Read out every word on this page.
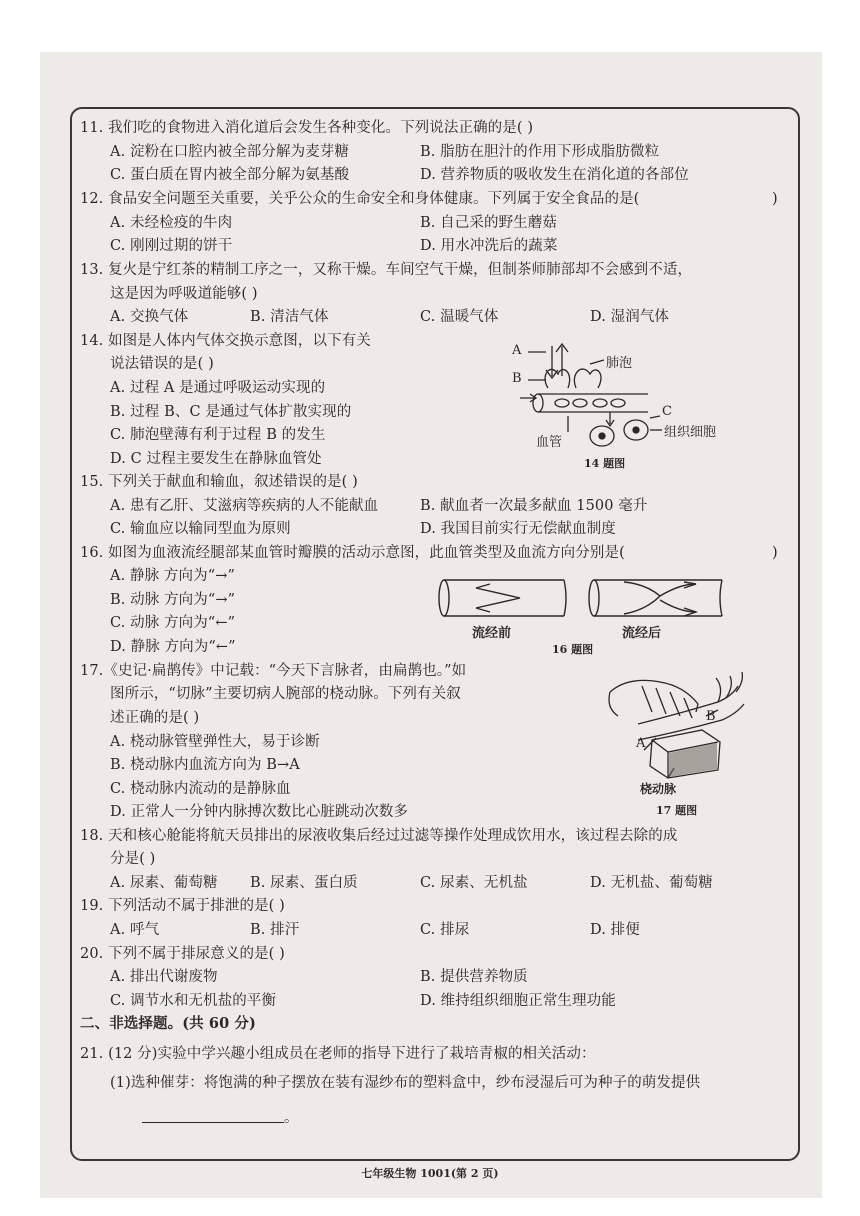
11. 我们吃的食物进入消化道后会发生各种变化。下列说法正确的是( )
A. 淀粉在口腔内被全部分解为麦芽糖	B. 脂肪在胆汁的作用下形成脂肪微粒
C. 蛋白质在胃内被全部分解为氨基酸	D. 营养物质的吸收发生在消化道的各部位
12. 食品安全问题至关重要，关乎公众的生命安全和身体健康。下列属于安全食品的是(	)
A. 未经检疫的牛肉	B. 自己采的野生蘑菇
C. 刚刚过期的饼干	D. 用水冲洗后的蔬菜
13. 复火是宁红茶的精制工序之一，又称干燥。车间空气干燥，但制茶师肺部却不会感到不适，
这是因为呼吸道能够( )
A. 交换气体	B. 清洁气体	C. 温暖气体	D. 湿润气体
14. 如图是人体内气体交换示意图，以下有关
说法错误的是( )
A. 过程 A 是通过呼吸运动实现的
B. 过程 B、C 是通过气体扩散实现的
C. 肺泡壁薄有利于过程 B 的发生
D. C 过程主要发生在静脉血管处
A
B
肺泡
C
组织细胞
血管
14 题图
15. 下列关于献血和输血，叙述错误的是( )
A. 患有乙肝、艾滋病等疾病的人不能献血	B. 献血者一次最多献血 1500 毫升
C. 输血应以输同型血为原则	D. 我国目前实行无偿献血制度
16. 如图为血液流经腿部某血管时瓣膜的活动示意图，此血管类型及血流方向分别是(	)
A. 静脉 方向为“→”
B. 动脉 方向为“→”
C. 动脉 方向为“←”
D. 静脉 方向为“←”
流经前	流经后
16 题图
17.《史记·扁鹊传》中记载：“今天下言脉者，由扁鹊也。”如
图所示，“切脉”主要切病人腕部的桡动脉。下列有关叙
述正确的是( )
A. 桡动脉管壁弹性大，易于诊断
B. 桡动脉内血流方向为 B→A
C. 桡动脉内流动的是静脉血
D. 正常人一分钟内脉搏次数比心脏跳动次数多
A
B
桡动脉
17 题图
18. 天和核心舱能将航天员排出的尿液收集后经过过滤等操作处理成饮用水，该过程去除的成
分是( )
A. 尿素、葡萄糖 B. 尿素、蛋白质	C. 尿素、无机盐	D. 无机盐、葡萄糖
19. 下列活动不属于排泄的是( )
A. 呼气	B. 排汗	C. 排尿	D. 排便
20. 下列不属于排尿意义的是( )
A. 排出代谢废物	B. 提供营养物质
C. 调节水和无机盐的平衡	D. 维持组织细胞正常生理功能
二、非选择题。(共 60 分)
21. (12 分)实验中学兴趣小组成员在老师的指导下进行了栽培青椒的相关活动：
(1)选种催芽：将饱满的种子摆放在装有湿纱布的塑料盒中，纱布浸湿后可为种子的萌发提供
。
七年级生物 1001(第 2 页)
